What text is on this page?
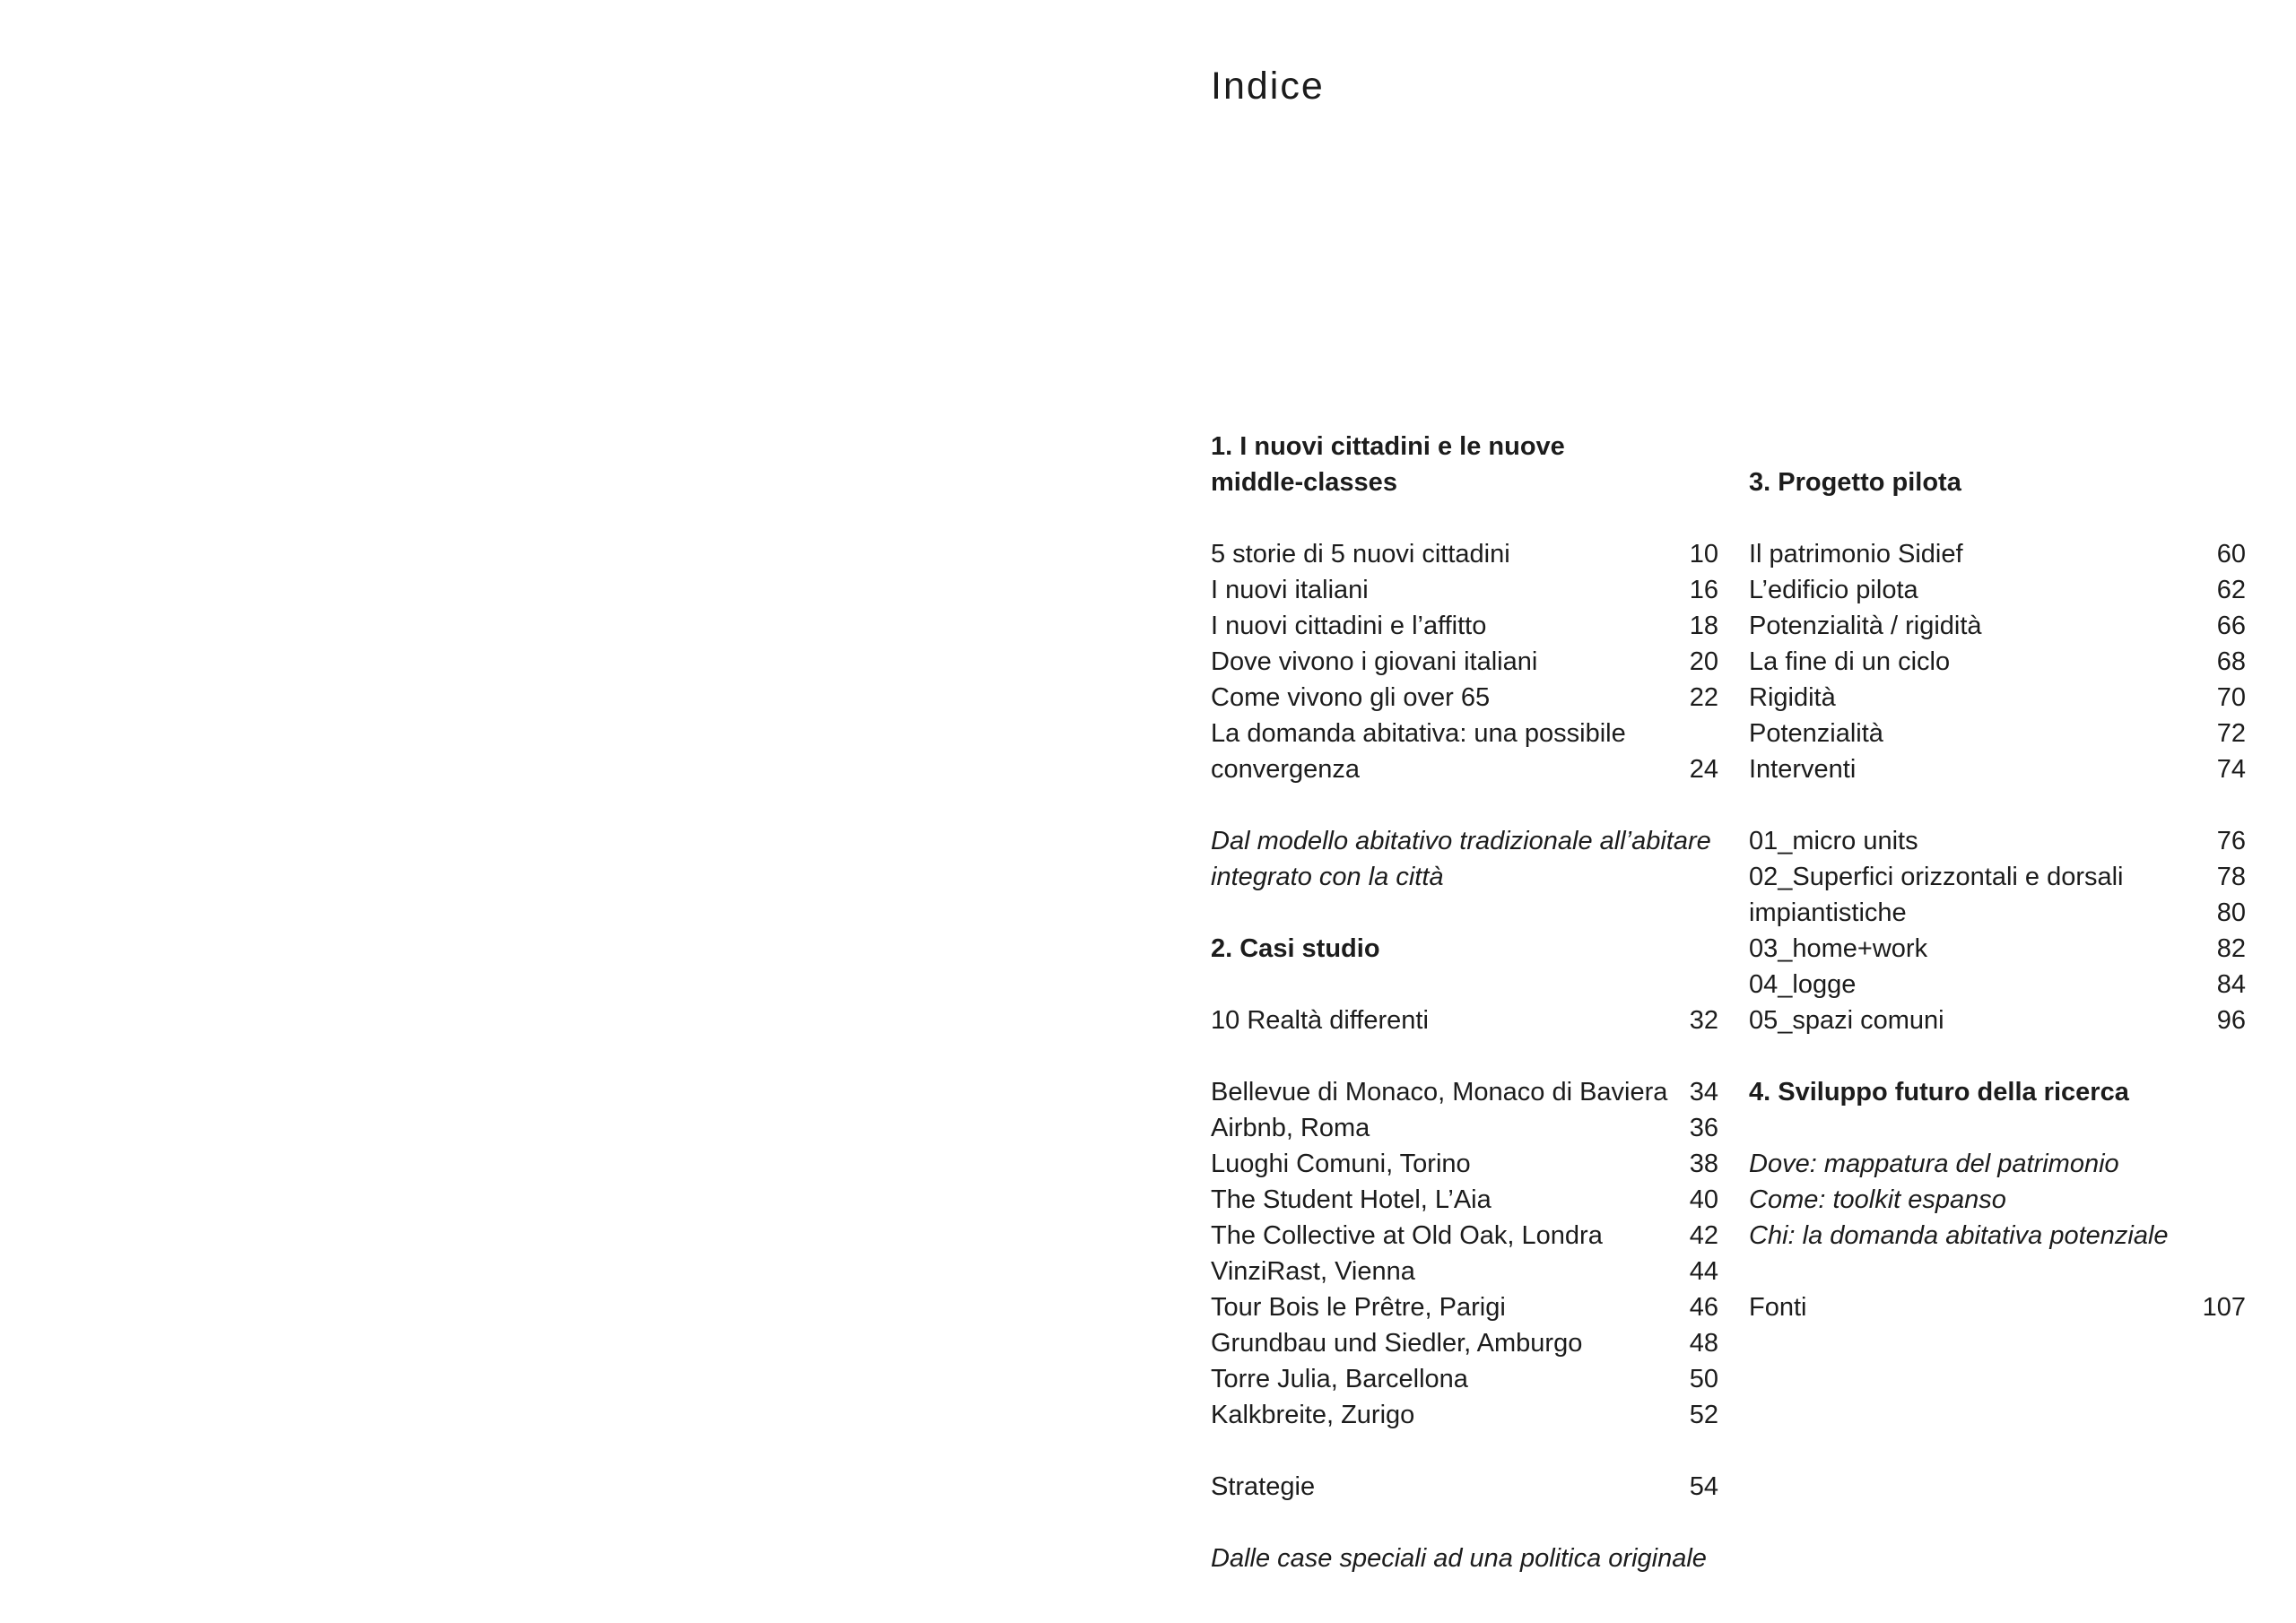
Indice
1. I nuovi cittadini e le nuove
middle-classes
5 storie di 5 nuovi cittadini	10
I nuovi italiani	16
I nuovi cittadini e l’affitto	18
Dove vivono i giovani italiani	20
Come vivono gli over 65	22
La domanda abitativa: una possibile
convergenza	24
Dal modello abitativo tradizionale all’abitare
integrato con la città
2. Casi studio
10 Realtà differenti	32
Bellevue di Monaco, Monaco di Baviera 34
Airbnb, Roma	36
Luoghi Comuni, Torino	38
The Student Hotel, L’Aia	40
The Collective at Old Oak, Londra	42
VinziRast, Vienna	44
Tour Bois le Prêtre, Parigi	46
Grundbau und Siedler, Amburgo	48
Torre Julia, Barcellona	50
Kalkbreite, Zurigo	52
Strategie	54
Dalle case speciali ad una politica originale
3. Progetto pilota
Il patrimonio Sidief	60
L’edificio pilota	62
Potenzialità / rigidità	66
La fine di un ciclo	68
Rigidità	70
Potenzialità	72
Interventi	74
01_micro units	76
02_Superfici orizzontali e dorsali	78
impiantistiche	80
03_home+work	82
04_logge	84
05_spazi comuni	96
4. Sviluppo futuro della ricerca
Dove: mappatura del patrimonio
Come: toolkit espanso
Chi: la domanda abitativa potenziale
Fonti	107
